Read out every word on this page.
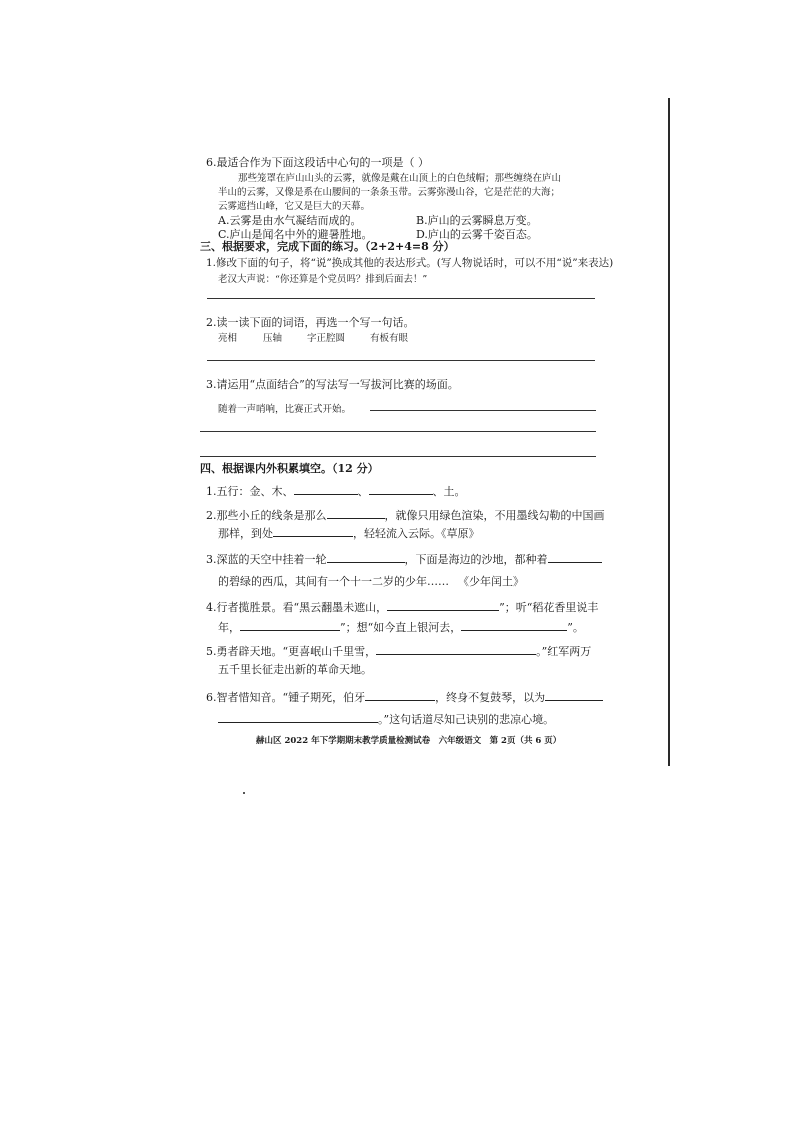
6.最适合作为下面这段话中心句的一项是（ ）
那些笼罩在庐山山头的云雾，就像是戴在山顶上的白色绒帽；那些缠绕在庐山
半山的云雾，又像是系在山腰间的一条条玉带。云雾弥漫山谷，它是茫茫的大海；
云雾遮挡山峰，它又是巨大的天幕。
A.云雾是由水气凝结而成的。	B.庐山的云雾瞬息万变。
C.庐山是闻名中外的避暑胜地。	D.庐山的云雾千姿百态。
三、根据要求，完成下面的练习。（2+2+4=8 分）
1.修改下面的句子，将“说”换成其他的表达形式。(写人物说话时，可以不用“说”来表达)
老汉大声说：“你还算是个党员吗？排到后面去！”
2.读一读下面的词语，再选一个写一句话。
亮相	压轴	字正腔圆	有板有眼
3.请运用“点面结合”的写法写一写拔河比赛的场面。
随着一声哨响，比赛正式开始。
四、根据课内外积累填空。（12 分）
1.五行：金、木、	、	、土。
2.那些小丘的线条是那么	，就像只用绿色渲染，不用墨线勾勒的中国画
那样，到处	，轻轻流入云际。《草原》
3.深蓝的天空中挂着一轮	，下面是海边的沙地，都种着
的碧绿的西瓜，其间有一个十一二岁的少年…… 《少年闰土》
4.行者揽胜景。看“黑云翻墨未遮山，	”；听“稻花香里说丰
年，	”；想“如今直上银河去，	”。
5.勇者辟天地。“更喜岷山千里雪，	。”红军两万
五千里长征走出新的革命天地。
6.智者惜知音。“锺子期死，伯牙	，终身不复鼓琴，以为
。”这句话道尽知己诀别的悲凉心境。
赫山区 2022 年下学期期末教学质量检测试卷　六年级语文　第 2页（共 6 页）
